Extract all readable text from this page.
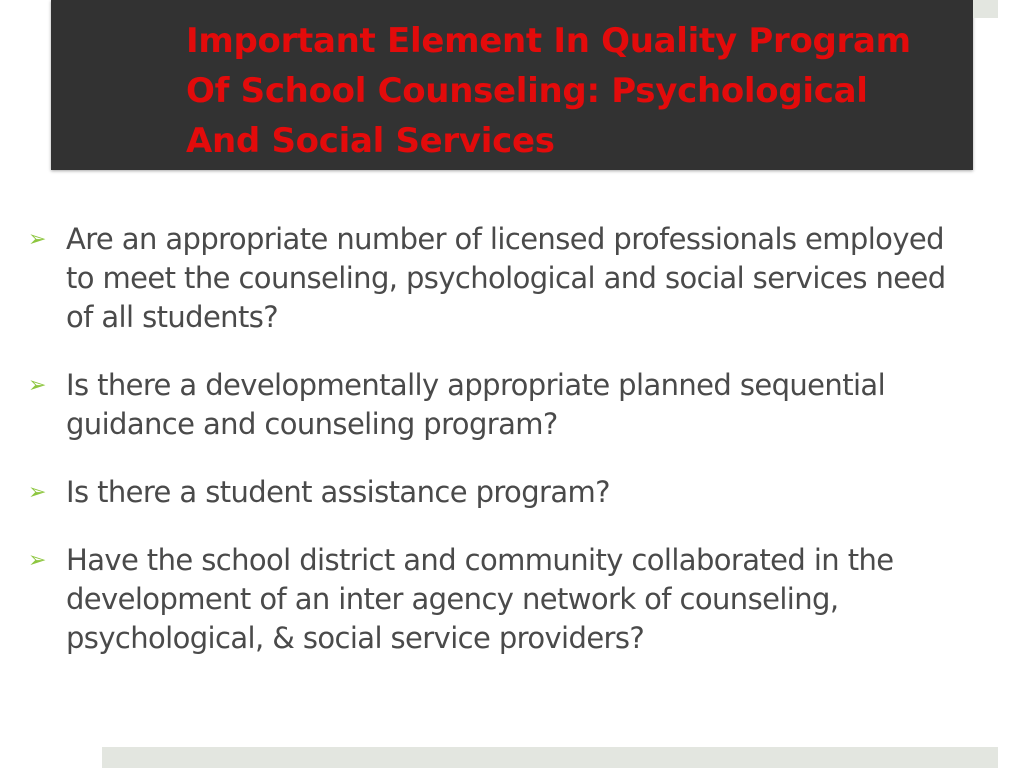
Important Element In Quality Program Of School Counseling: Psychological And Social Services
➢ Are an appropriate number of licensed professionals employed to meet the counseling, psychological and social services need of all students?
➢ Is there a developmentally appropriate planned sequential guidance and counseling program?
➢ Is there a student assistance program?
➢ Have the school district and community collaborated in the development of an inter agency network of counseling, psychological, & social service providers?
